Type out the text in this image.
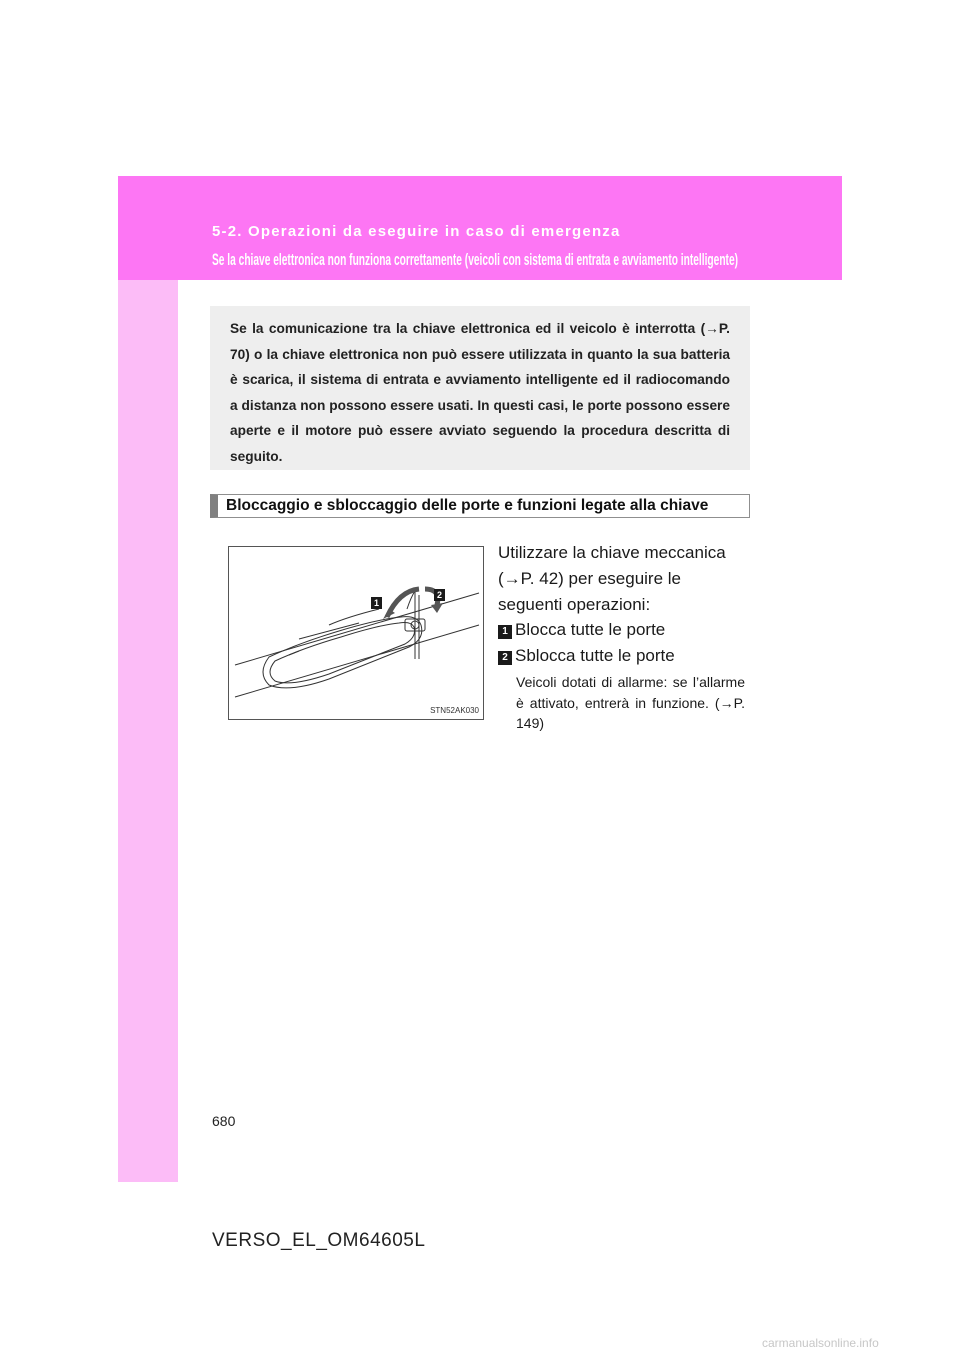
5-2. Operazioni da eseguire in caso di emergenza
Se la chiave elettronica non funziona correttamente (veicoli con sistema di entrata e avviamento intelligente)

Se la comunicazione tra la chiave elettronica ed il veicolo è interrotta (→P. 70) o la chiave elettronica non può essere utilizzata in quanto la sua batteria è scarica, il sistema di entrata e avviamento intelligente ed il radiocomando a distanza non possono essere usati. In questi casi, le porte possono essere aperte e il motore può essere avviato seguendo la procedura descritta di seguito.

Bloccaggio e sbloccaggio delle porte e funzioni legate alla chiave
1
2
STN52AK030
Utilizzare la chiave meccanica
(→P. 42) per eseguire le
seguenti operazioni:
1 Blocca tutte le porte
2 Sblocca tutte le porte
Veicoli dotati di allarme: se l’allarme è attivato, entrerà in funzione. (→P. 149)
680
VERSO_EL_OM64605L
carmanualsonline.info
